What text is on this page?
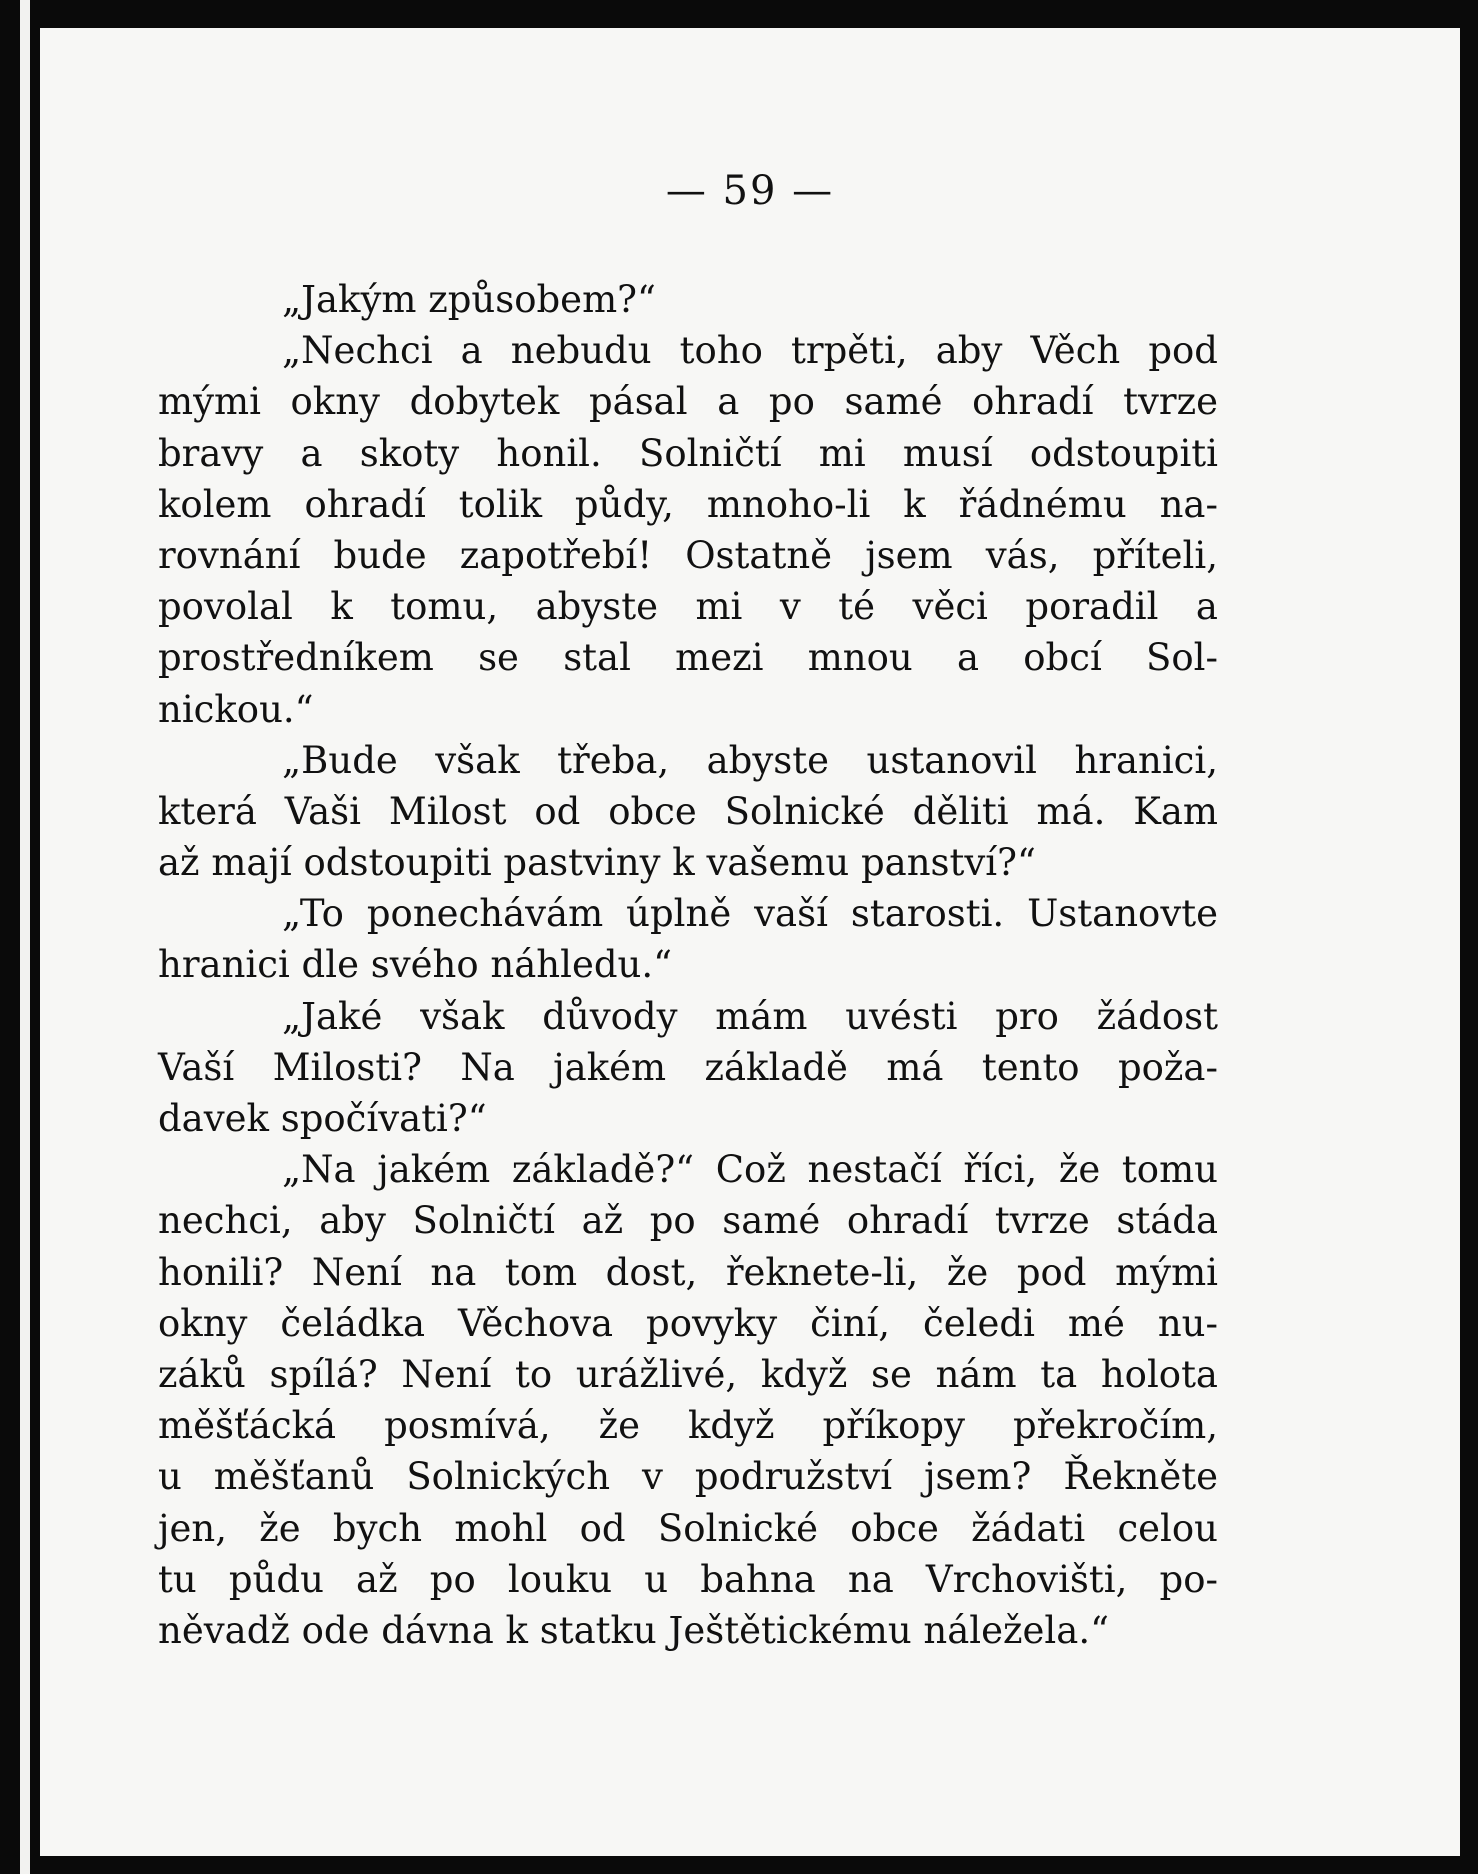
— 59 —
„Jakým způsobem?“
„Nechci a nebudu toho trpěti, aby Věch pod
mými okny dobytek pásal a po samé ohradí tvrze
bravy a skoty honil. Solničtí mi musí odstoupiti
kolem ohradí tolik půdy, mnoho-li k řádnému na-
rovnání bude zapotřebí! Ostatně jsem vás, příteli,
povolal k tomu, abyste mi v té věci poradil a
prostředníkem se stal mezi mnou a obcí Sol-
nickou.“
„Bude však třeba, abyste ustanovil hranici,
která Vaši Milost od obce Solnické děliti má. Kam
až mají odstoupiti pastviny k vašemu panství?“
„To ponechávám úplně vaší starosti. Ustanovte
hranici dle svého náhledu.“
„Jaké však důvody mám uvésti pro žádost
Vaší Milosti? Na jakém základě má tento poža-
davek spočívati?“
„Na jakém základě?“ Což nestačí říci, že tomu
nechci, aby Solničtí až po samé ohradí tvrze stáda
honili? Není na tom dost, řeknete-li, že pod mými
okny čeládka Věchova povyky činí, čeledi mé nu-
záků spílá? Není to urážlivé, když se nám ta holota
měšťácká posmívá, že když příkopy překročím,
u měšťanů Solnických v podružství jsem? Řekněte
jen, že bych mohl od Solnické obce žádati celou
tu půdu až po louku u bahna na Vrchovišti, po-
něvadž ode dávna k statku Ještětickému náležela.“
